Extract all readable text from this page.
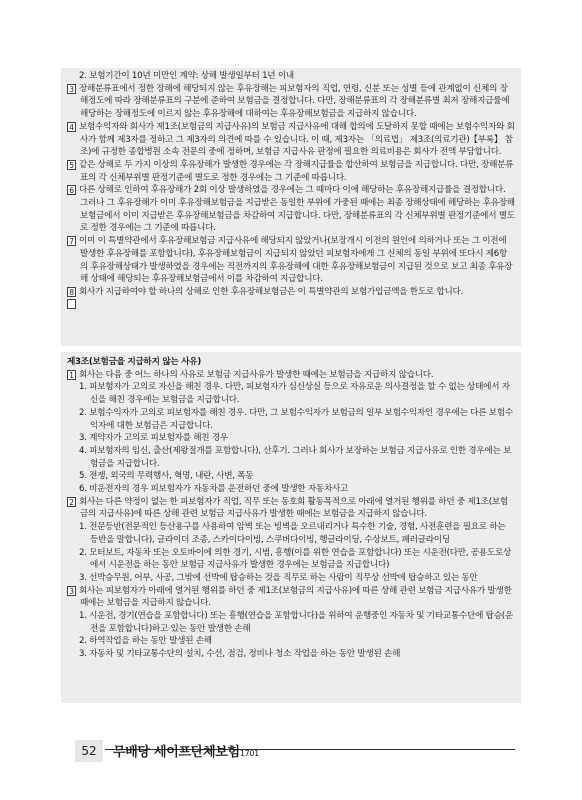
2. 보험기간이 10년 미만인 계약: 상해 발생일부터 1년 이내

3 장해분류표에서 정한 장해에 해당되지 않는 후유장해는 피보험자의 직업, 연령, 신분 또는 성별 등에 관계없이 신체의 장해정도에 따라 장해분류표의 구분에 준하여 보험금을 결정합니다. 다만, 장해분류표의 각 장해분류별 최저 장해지급률에 해당하는 장해정도에 이르지 않는 후유장해에 대하여는 후유장해보험금을 지급하지 않습니다.

4 보험수익자와 회사가 제1조(보험금의 지급사유)의 보험금 지급사유에 대해 합의에 도달하지 못할 때에는 보험수익자와 회사가 함께 제3자를 정하고 그 제3자의 의견에 따를 수 있습니다. 이 때, 제3자는 「의료법」 제3조(의료기관)【부록】 참조)에 규정한 종합병원 소속 전문의 중에 정하며, 보험금 지급사유 판정에 필요한 의료비용은 회사가 전액 부담합니다.

5 같은 상해로 두 가지 이상의 후유장해가 발생한 경우에는 각 장해지급률을 합산하여 보험금을 지급합니다. 다만, 장해분류표의 각 신체부위별 판정기준에 별도로 정한 경우에는 그 기준에 따릅니다.

6 다른 상해로 인하여 후유장해가 2회 이상 발생하였을 경우에는 그 때마다 이에 해당하는 후유장해지급률을 결정합니다. 그러나 그 후유장해가 이미 후유장해보험금을 지급받은 동일한 부위에 가중된 때에는 최종 장해상태에 해당하는 후유장해보험금에서 이미 지급받은 후유장해보험금을 차감하여 지급합니다. 다만, 장해분류표의 각 신체부위별 판정기준에서 별도로 정한 경우에는 그 기준에 따릅니다.

7 이미 이 특별약관에서 후유장해보험금 지급사유에 해당되지 않았거나(보장개시 이전의 원인에 의하거나 또는 그 이전에 발생한 후유장해를 포함합니다), 후유장해보험금이 지급되지 않았던 피보험자에게 그 신체의 동일 부위에 또다시 제6항의 후유장해상태가 발생하였을 경우에는 직전까지의 후유장해에 대한 후유장해보험금이 지급된 것으로 보고 최종 후유장해 상태에 해당되는 후유장해보험금에서 이를 차감하여 지급합니다.

8 회사가 지급하여야 할 하나의 상해로 인한 후유장해보험금은 이 특별약관의 보험가입금액을 한도로 합니다.

제3조(보험금을 지급하지 않는 사유)

1 회사는 다음 중 어느 하나의 사유로 보험금 지급사유가 발생한 때에는 보험금을 지급하지 않습니다.

1. 피보험자가 고의로 자신을 해친 경우. 다만, 피보험자가 심신상실 등으로 자유로운 의사결정을 할 수 없는 상태에서 자신을 해친 경우에는 보험금을 지급합니다.

2. 보험수익자가 고의로 피보험자를 해친 경우. 다만, 그 보험수익자가 보험금의 일부 보험수익자인 경우에는 다른 보험수익자에 대한 보험금은 지급합니다.

3. 계약자가 고의로 피보험자를 해친 경우

4. 피보험자의 임신, 출산(제왕절개를 포함합니다), 산후기. 그러나 회사가 보장하는 보험금 지급사유로 인한 경우에는 보험금을 지급합니다.

5. 전쟁, 외국의 무력행사, 혁명, 내란, 사변, 폭동

6. 비운전자의 경우 피보험자가 자동차를 운전하던 중에 발생한 자동차사고

2 회사는 다른 약정이 없는 한 피보험자가 직업, 직무 또는 동호회 활동목적으로 아래에 열거된 행위를 하던 중 제1조(보험금의 지급사유)에 따른 상해 관련 보험금 지급사유가 발생한 때에는 보험금을 지급하지 않습니다.

1. 전문등반(전문적인 등산용구를 사용하여 암벽 또는 빙벽을 오르내리거나 특수한 기술, 경험, 사전훈련을 필요로 하는 등반을 말합니다), 글라이더 조종, 스카이다이빙, 스쿠버다이빙, 행글라이딩, 수상보트, 패러글라이딩

2. 모터보트, 자동차 또는 오토바이에 의한 경기, 시범, 흥행(이를 위한 연습을 포함합니다) 또는 시운전(다만, 공용도로상에서 시운전을 하는 동안 보험금 지급사유가 발생한 경우에는 보험금을 지급합니다)

3. 선박승무원, 어부, 사공, 그밖에 선박에 탑승하는 것을 직무로 하는 사람이 직무상 선박에 탑승하고 있는 동안

3 회사는 피보험자가 아래에 열거된 행위를 하던 중 제1조(보험금의 지급사유)에 따른 상해 관련 보험금 지급사유가 발생한 때에는 보험금을 지급하지 않습니다.

1. 시운전, 경기(연습을 포함합니다) 또는 흥행(연습을 포함합니다)을 위하여 운행중인 자동차 및 기타교통수단에 탑승(운전을 포함합니다)하고 있는 동안 발생한 손해

2. 하역작업을 하는 동안 발생된 손해

3. 자동차 및 기타교통수단의 설치, 수선, 점검, 정비나 청소 작업을 하는 동안 발생된 손해

52	무배당 세이프단체보험1701
